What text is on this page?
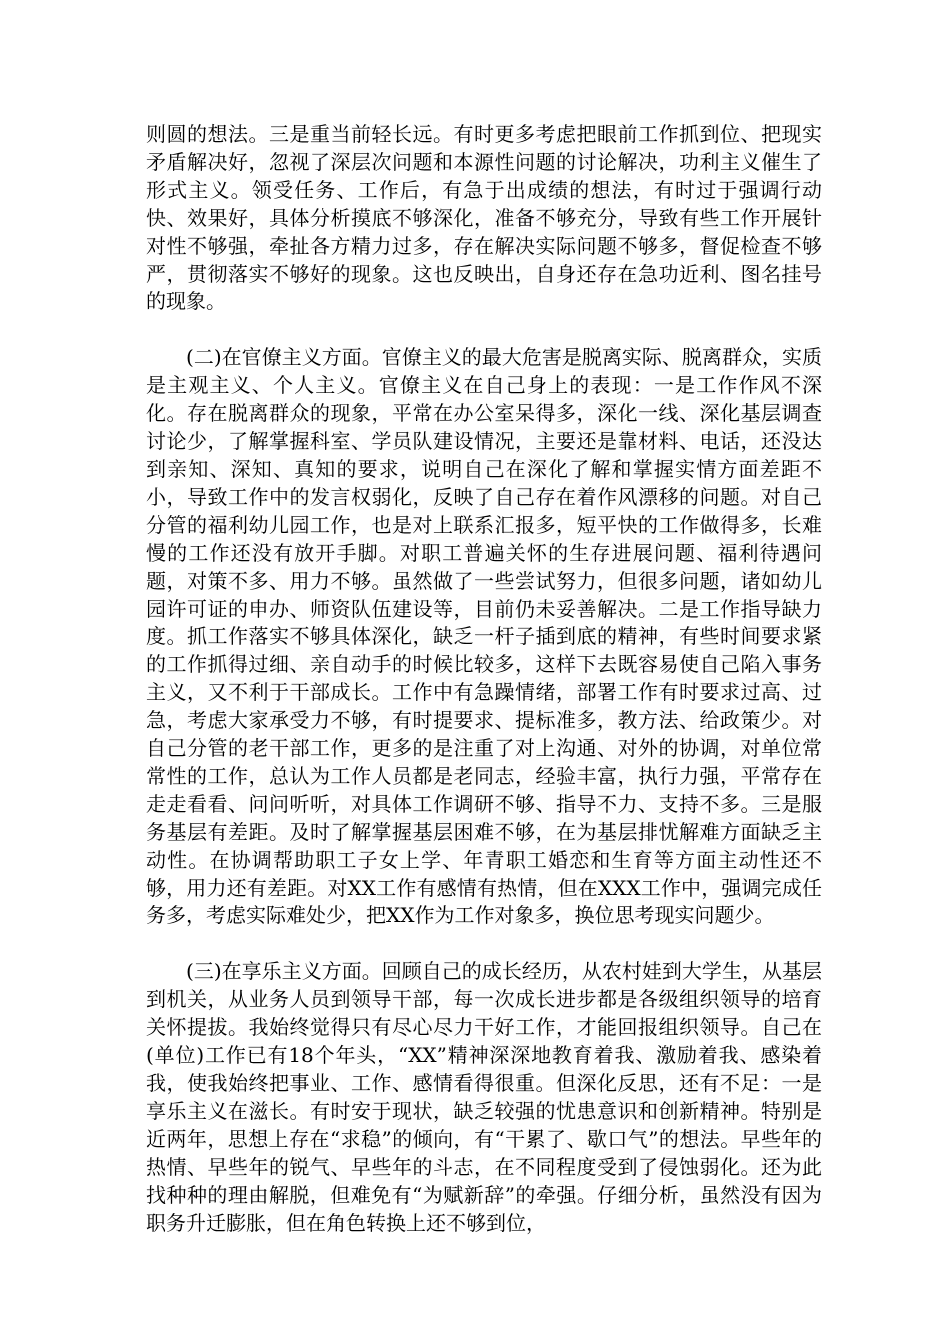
则圆的想法。三是重当前轻长远。有时更多考虑把眼前工作抓到位、把现实矛盾解决好，忽视了深层次问题和本源性问题的讨论解决，功利主义催生了形式主义。领受任务、工作后，有急于出成绩的想法，有时过于强调行动快、效果好，具体分析摸底不够深化，准备不够充分，导致有些工作开展针对性不够强，牵扯各方精力过多，存在解决实际问题不够多，督促检查不够严，贯彻落实不够好的现象。这也反映出，自身还存在急功近利、图名挂号的现象。

(二)在官僚主义方面。官僚主义的最大危害是脱离实际、脱离群众，实质是主观主义、个人主义。官僚主义在自己身上的表现：一是工作作风不深化。存在脱离群众的现象，平常在办公室呆得多，深化一线、深化基层调查讨论少，了解掌握科室、学员队建设情况，主要还是靠材料、电话，还没达到亲知、深知、真知的要求，说明自己在深化了解和掌握实情方面差距不小，导致工作中的发言权弱化，反映了自己存在着作风漂移的问题。对自己分管的福利幼儿园工作，也是对上联系汇报多，短平快的工作做得多，长难慢的工作还没有放开手脚。对职工普遍关怀的生存进展问题、福利待遇问题，对策不多、用力不够。虽然做了一些尝试努力，但很多问题，诸如幼儿园许可证的申办、师资队伍建设等，目前仍未妥善解决。二是工作指导缺力度。抓工作落实不够具体深化，缺乏一杆子插到底的精神，有些时间要求紧的工作抓得过细、亲自动手的时候比较多，这样下去既容易使自己陷入事务主义，又不利于干部成长。工作中有急躁情绪，部署工作有时要求过高、过急，考虑大家承受力不够，有时提要求、提标准多，教方法、给政策少。对自己分管的老干部工作，更多的是注重了对上沟通、对外的协调，对单位常常性的工作，总认为工作人员都是老同志，经验丰富，执行力强，平常存在走走看看、问问听听，对具体工作调研不够、指导不力、支持不多。三是服务基层有差距。及时了解掌握基层困难不够，在为基层排忧解难方面缺乏主动性。在协调帮助职工子女上学、年青职工婚恋和生育等方面主动性还不够，用力还有差距。对XX工作有感情有热情，但在XXX工作中，强调完成任务多，考虑实际难处少，把XX作为工作对象多，换位思考现实问题少。

(三)在享乐主义方面。回顾自己的成长经历，从农村娃到大学生，从基层到机关，从业务人员到领导干部，每一次成长进步都是各级组织领导的培育关怀提拔。我始终觉得只有尽心尽力干好工作，才能回报组织领导。自己在(单位)工作已有18个年头，“XX”精神深深地教育着我、激励着我、感染着我，使我始终把事业、工作、感情看得很重。但深化反思，还有不足：一是享乐主义在滋长。有时安于现状，缺乏较强的忧患意识和创新精神。特别是近两年，思想上存在“求稳”的倾向，有“干累了、歇口气”的想法。早些年的热情、早些年的锐气、早些年的斗志，在不同程度受到了侵蚀弱化。还为此找种种的理由解脱，但难免有“为赋新辞”的牵强。仔细分析，虽然没有因为职务升迁膨胀，但在角色转换上还不够到位，
